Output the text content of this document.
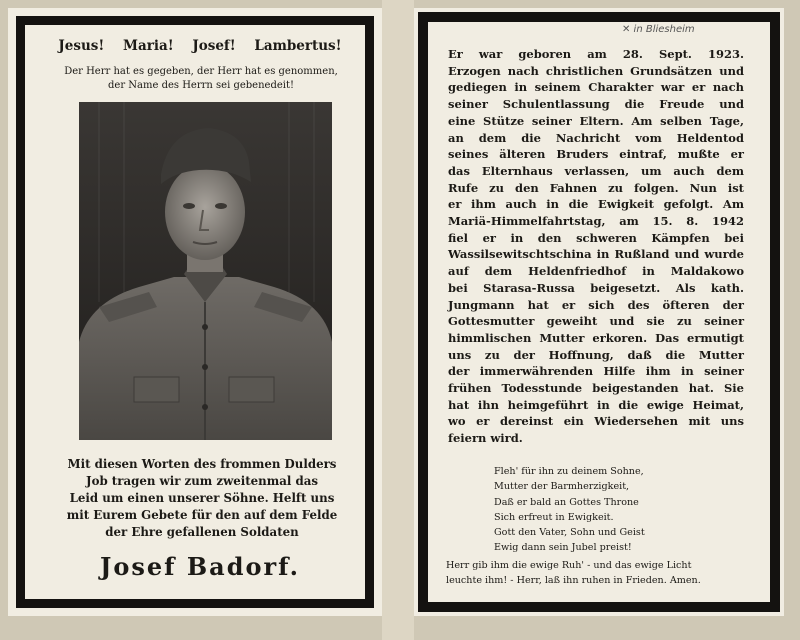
Jesus! Maria! Josef! Lambertus!
Der Herr hat es gegeben, der Herr hat es genommen,
der Name des Herrn sei gebenedeit!
Mit diesen Worten des frommen Dulders
Job tragen wir zum zweitenmal das
Leid um einen unserer Söhne. Helft uns
mit Eurem Gebete für den auf dem Felde
der Ehre gefallenen Soldaten
Josef Badorf.
✕ in Bliesheim
Er war geboren am 28. Sept. 1923.
Erzogen nach christlichen Grundsätzen und
gediegen in seinem Charakter war er nach
seiner Schulentlassung die Freude und
eine Stütze seiner Eltern. Am selben Tage,
an dem die Nachricht vom Heldentod
seines älteren Bruders eintraf, mußte er
das Elternhaus verlassen, um auch dem
Rufe zu den Fahnen zu folgen. Nun ist
er ihm auch in die Ewigkeit gefolgt. Am
Mariä-Himmelfahrtstag, am 15. 8. 1942
fiel er in den schweren Kämpfen bei
Wassilsewitschtschina in Rußland und wurde
auf dem Heldenfriedhof in Maldakowo
bei Starasa-Russa beigesetzt. Als kath.
Jungmann hat er sich des öfteren der
Gottesmutter geweiht und sie zu seiner
himmlischen Mutter erkoren. Das ermutigt
uns zu der Hoffnung, daß die Mutter
der immerwährenden Hilfe ihm in seiner
frühen Todesstunde beigestanden hat. Sie
hat ihn heimgeführt in die ewige Heimat,
wo er dereinst ein Wiedersehen mit uns
feiern wird.
Fleh' für ihn zu deinem Sohne,
Mutter der Barmherzigkeit,
Daß er bald an Gottes Throne
Sich erfreut in Ewigkeit.
Gott den Vater, Sohn und Geist
Ewig dann sein Jubel preist!
Herr gib ihm die ewige Ruh' - und das ewige Licht
leuchte ihm! - Herr, laß ihn ruhen in Frieden. Amen.
